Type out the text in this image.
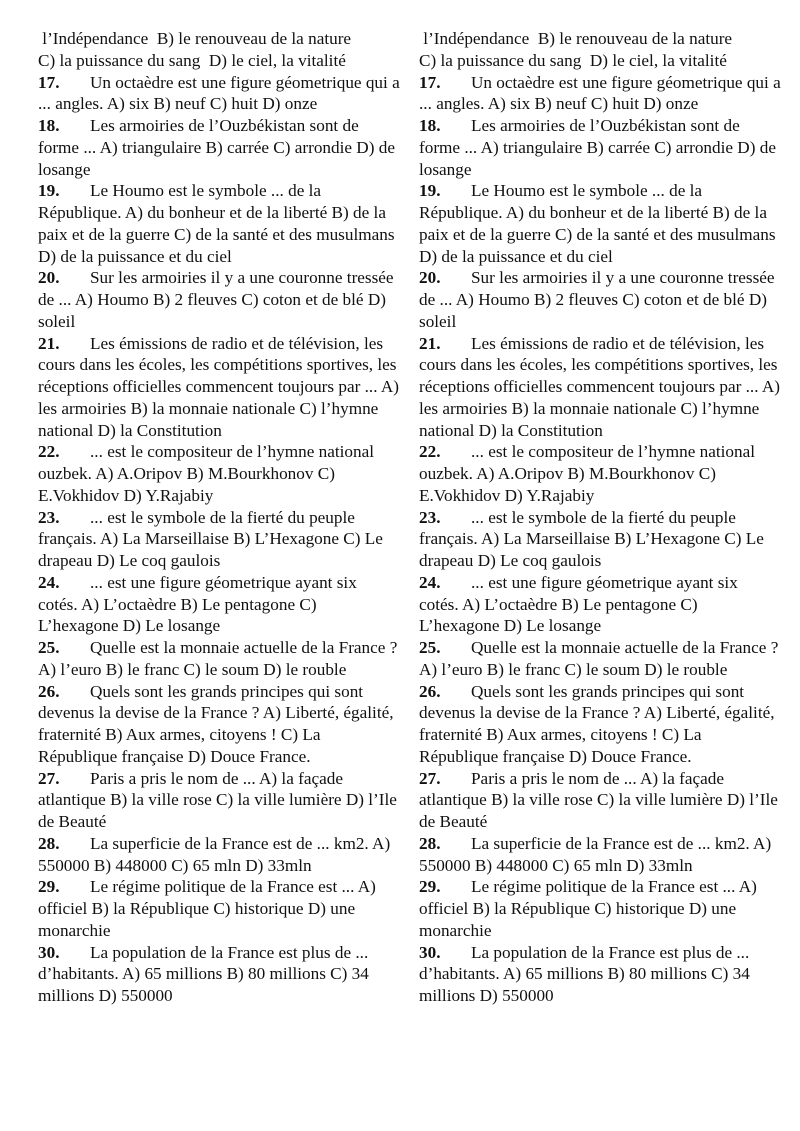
l’Indépendance  B) le renouveau de la nature

C) la puissance du sang  D) le ciel, la vitalité

17. Un octaèdre est une figure géometrique qui a ... angles. A) six B) neuf C) huit D) onze

18. Les armoiries de l’Ouzbékistan sont de forme ... A) triangulaire B) carrée C) arrondie D) de losange

19. Le Houmo est le symbole ... de la République. A) du bonheur et de la liberté B) de la paix et de la guerre C) de la santé et des musulmans D) de la puissance et du ciel

20. Sur les armoiries il y a une couronne tressée de ... A) Houmo B) 2 fleuves C) coton et de blé D) soleil

21. Les émissions de radio et de télévision, les cours dans les écoles, les compétitions sportives, les réceptions officielles commencent toujours par ... A) les armoiries B) la monnaie nationale C) l’hymne national D) la Constitution

22. ... est le compositeur de l’hymne national ouzbek. A) A.Oripov B) M.Bourkhonov C) E.Vokhidov D) Y.Rajabiy

23. ... est le symbole de la fierté du peuple français. A) La Marseillaise B) L’Hexagone C) Le drapeau D) Le coq gaulois

24. ... est une figure géometrique ayant six cotés. A) L’octaèdre B) Le pentagone C) L’hexagone D) Le losange

25. Quelle est la monnaie actuelle de la France ? A) l’euro B) le franc C) le soum D) le rouble

26. Quels sont les grands principes qui sont devenus la devise de la France ? A) Liberté, égalité, fraternité B) Aux armes, citoyens ! C) La République française D) Douce France.

27. Paris a pris le nom de ... A) la façade atlantique B) la ville rose C) la ville lumière D) l’Ile de Beauté

28. La superficie de la France est de ... km2. A) 550000 B) 448000 C) 65 mln D) 33mln

29. Le régime politique de la France est ... A) officiel B) la République C) historique D) une monarchie

30. La population de la France est plus de ... d’habitants. A) 65 millions B) 80 millions C) 34 millions D) 550000

l’Indépendance  B) le renouveau de la nature

C) la puissance du sang  D) le ciel, la vitalité

17. Un octaèdre est une figure géometrique qui a ... angles. A) six B) neuf C) huit D) onze

18. Les armoiries de l’Ouzbékistan sont de forme ... A) triangulaire B) carrée C) arrondie D) de losange

19. Le Houmo est le symbole ... de la République. A) du bonheur et de la liberté B) de la paix et de la guerre C) de la santé et des musulmans D) de la puissance et du ciel

20. Sur les armoiries il y a une couronne tressée de ... A) Houmo B) 2 fleuves C) coton et de blé D) soleil

21. Les émissions de radio et de télévision, les cours dans les écoles, les compétitions sportives, les réceptions officielles commencent toujours par ... A) les armoiries B) la monnaie nationale C) l’hymne national D) la Constitution

22. ... est le compositeur de l’hymne national ouzbek. A) A.Oripov B) M.Bourkhonov C) E.Vokhidov D) Y.Rajabiy

23. ... est le symbole de la fierté du peuple français. A) La Marseillaise B) L’Hexagone C) Le drapeau D) Le coq gaulois

24. ... est une figure géometrique ayant six cotés. A) L’octaèdre B) Le pentagone C) L’hexagone D) Le losange

25. Quelle est la monnaie actuelle de la France ? A) l’euro B) le franc C) le soum D) le rouble

26. Quels sont les grands principes qui sont devenus la devise de la France ? A) Liberté, égalité, fraternité B) Aux armes, citoyens ! C) La République française D) Douce France.

27. Paris a pris le nom de ... A) la façade atlantique B) la ville rose C) la ville lumière D) l’Ile de Beauté

28. La superficie de la France est de ... km2. A) 550000 B) 448000 C) 65 mln D) 33mln

29. Le régime politique de la France est ... A) officiel B) la République C) historique D) une monarchie

30. La population de la France est plus de ... d’habitants. A) 65 millions B) 80 millions C) 34 millions D) 550000
